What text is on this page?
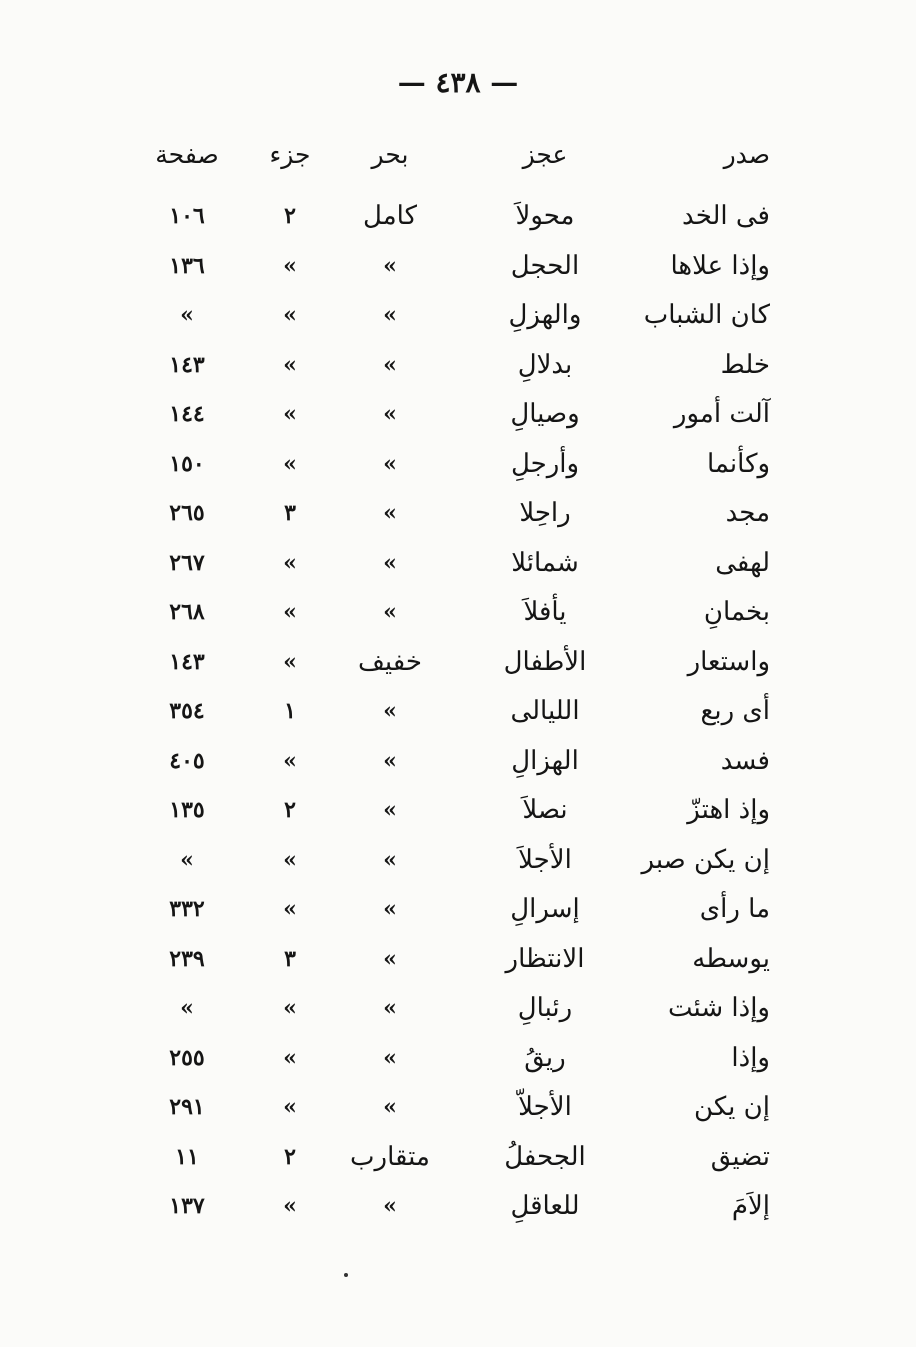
— ٤٣٨ —
صدر
عجز
بحر
جزء
صفحة
فى الخد
محولاَ
كامل
٢
١٠٦
وإذا علاها
الحجل
»
»
١٣٦
كان الشباب
والهزلِ
»
»
»
خلط
بدلالِ
»
»
١٤٣
آلت أمور
وصيالِ
»
»
١٤٤
وكأنما
وأرجلِ
»
»
١٥٠
مجد
راحِلا
»
٣
٢٦٥
لهفى
شمائلا
»
»
٢٦٧
بخمانِ
يأفلاَ
»
»
٢٦٨
واستعار
الأطفال
خفيف
»
١٤٣
أى ربع
الليالى
»
١
٣٥٤
فسد
الهزالِ
»
»
٤٠٥
وإذ اهتزّ
نصلاَ
»
٢
١٣٥
إن يكن صبر
الأجلاَ
»
»
»
ما رأى
إسرالِ
»
»
٣٣٢
يوسطه
الانتظار
»
٣
٢٣٩
وإذا شئت
رئبالِ
»
»
»
وإذا
ريقُ
»
»
٢٥٥
إن يكن
الأجلاّ
»
»
٢٩١
تضيق
الجحفلُ
متقارب
٢
١١
إلاَمَ
للعاقلِ
»
»
١٣٧
